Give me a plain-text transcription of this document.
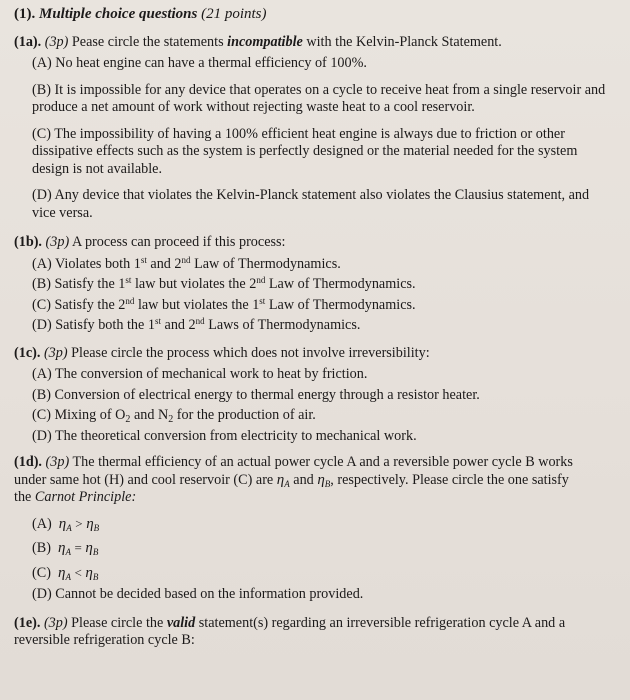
(1). Multiple choice questions (21 points)
(1a). (3p) Pease circle the statements incompatible with the Kelvin-Planck Statement.
(A) No heat engine can have a thermal efficiency of 100%.
(B) It is impossible for any device that operates on a cycle to receive heat from a single reservoir and produce a net amount of work without rejecting waste heat to a cool reservoir.
(C) The impossibility of having a 100% efficient heat engine is always due to friction or other dissipative effects such as the system is perfectly designed or the material needed for the system design is not available.
(D) Any device that violates the Kelvin-Planck statement also violates the Clausius statement, and vice versa.
(1b). (3p) A process can proceed if this process:
(A) Violates both 1st and 2nd Law of Thermodynamics.
(B) Satisfy the 1st law but violates the 2nd Law of Thermodynamics.
(C) Satisfy the 2nd law but violates the 1st Law of Thermodynamics.
(D) Satisfy both the 1st and 2nd Laws of Thermodynamics.
(1c). (3p) Please circle the process which does not involve irreversibility:
(A) The conversion of mechanical work to heat by friction.
(B) Conversion of electrical energy to thermal energy through a resistor heater.
(C) Mixing of $O_2$ and $N_2$ for the production of air.
(D) The theoretical conversion from electricity to mechanical work.
(1d). (3p) The thermal efficiency of an actual power cycle A and a reversible power cycle B works
under same hot (H) and cool reservoir (C) are $\eta_A$ and $\eta_B$, respectively. Please circle the one satisfy
the Carnot Principle:
(A) $\eta_A > \eta_B$
(B) $\eta_A = \eta_B$
(C) $\eta_A < \eta_B$
(D) Cannot be decided based on the information provided.
(1e). (3p) Please circle the valid statement(s) regarding an irreversible refrigeration cycle A and a reversible refrigeration cycle B:
